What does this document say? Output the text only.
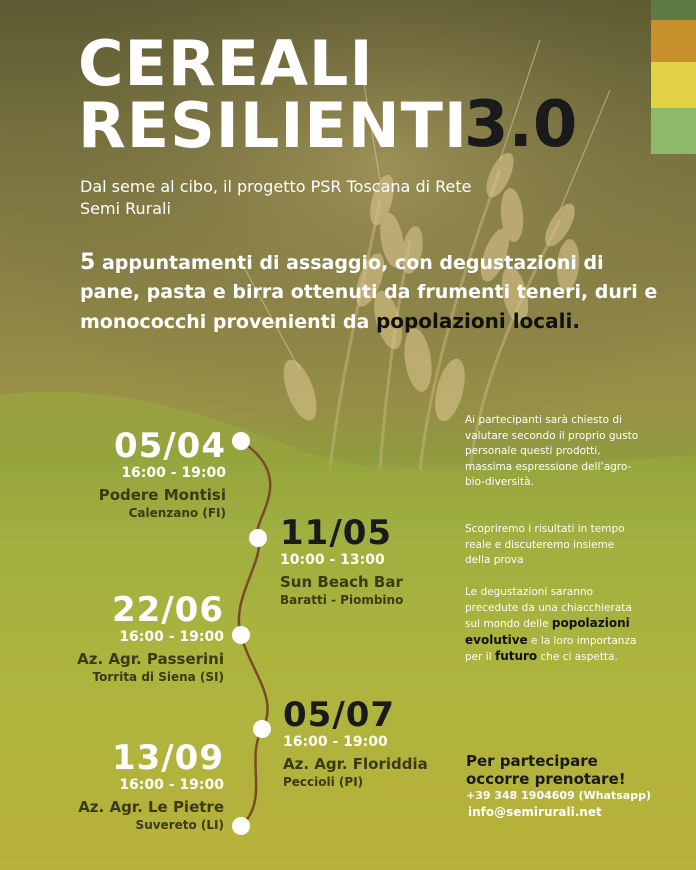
CEREALI
RESILIENTI
3.0
Dal seme al cibo, il progetto PSR Toscana di Rete Semi Rurali
5 appuntamenti di assaggio, con degustazioni di pane, pasta e birra ottenuti da frumenti teneri, duri e monococchi provenienti da popolazioni locali.
05/04
16:00 - 19:00
Podere Montisi
Calenzano (FI) 11/05
10:00 - 13:00
Sun Beach Bar
Baratti - Piombino
22/06
16:00 - 19:00
Az. Agr. Passerini
Torrita di Siena (SI)
05/07
16:00 - 19:00
Az. Agr. Floriddia
Peccioli (PI)
13/09
16:00 - 19:00
Az. Agr. Le Pietre
Suvereto (LI)
Ai partecipanti sarà chiesto di valutare secondo il proprio gusto personale questi prodotti, massima espressione dell’agro-bio-diversità.
Scopriremo i risultati in tempo reale e discuteremo insieme della prova
Le degustazioni saranno precedute da una chiacchierata sul mondo delle popolazioni evolutive e la loro importanza per il futuro che ci aspetta.
Per partecipare occorre prenotare!
+39 348 1904609 (Whatsapp)
info@semirurali.net
